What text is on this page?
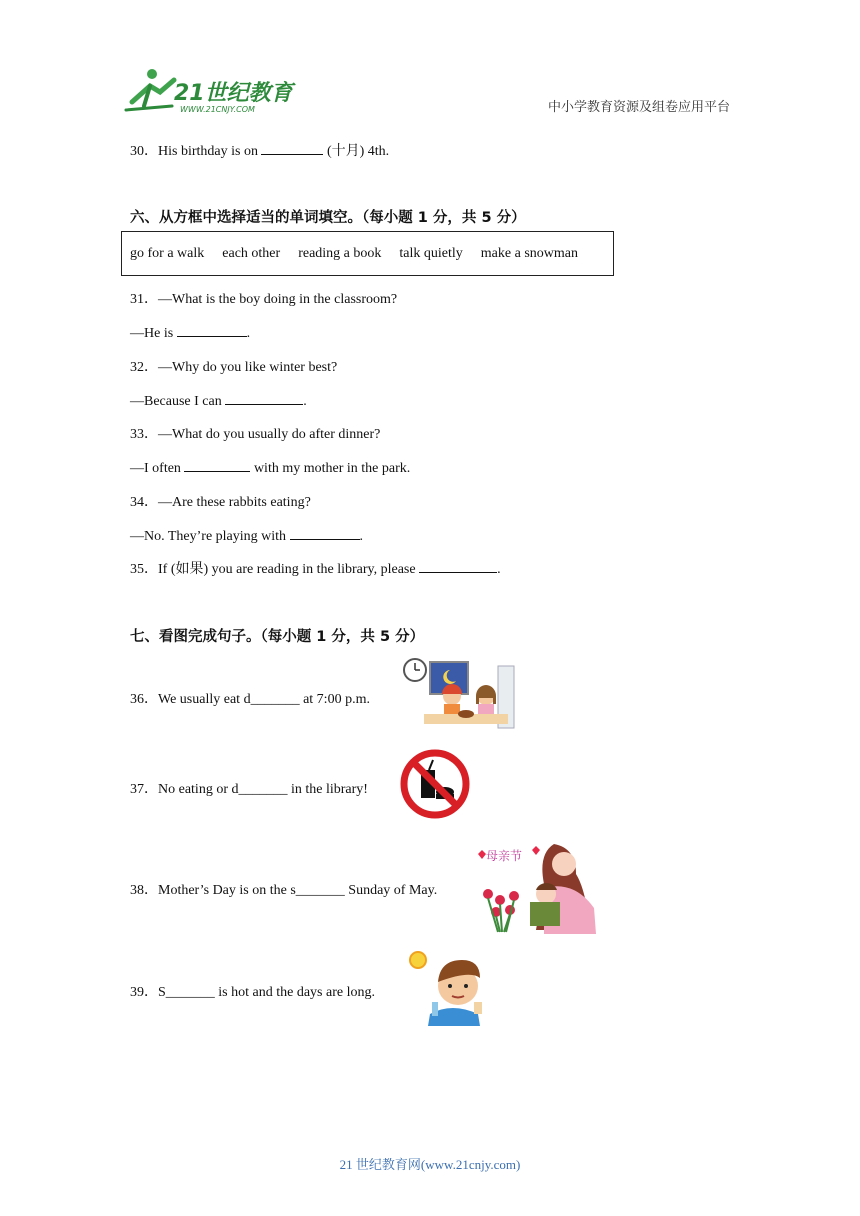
21世纪教育
WWW.21CNJY.COM	中小学教育资源及组卷应用平台
30．His birthday is on	(十月) 4th.
六、从方框中选择适当的单词填空。（每小题 1 分，共 5 分）
go for a walk each other reading a book talk quietly make a snowman
31．—What is the boy doing in the classroom?
—He is	.
32．—Why do you like winter best?
—Because I can	.
33．—What do you usually do after dinner?
—I often	with my mother in the park.
34．—Are these rabbits eating?
—No. They’re playing with	.
35．If (如果) you are reading in the library, please	.
七、看图完成句子。（每小题 1 分，共 5 分）
36．We usually eat d_______ at 7:00 p.m.
37．No eating or d_______ in the library!
38．Mother’s Day is on the s_______ Sunday of May.
母亲节
39．S_______ is hot and the days are long.
21 世纪教育网(www.21cnjy.com)
